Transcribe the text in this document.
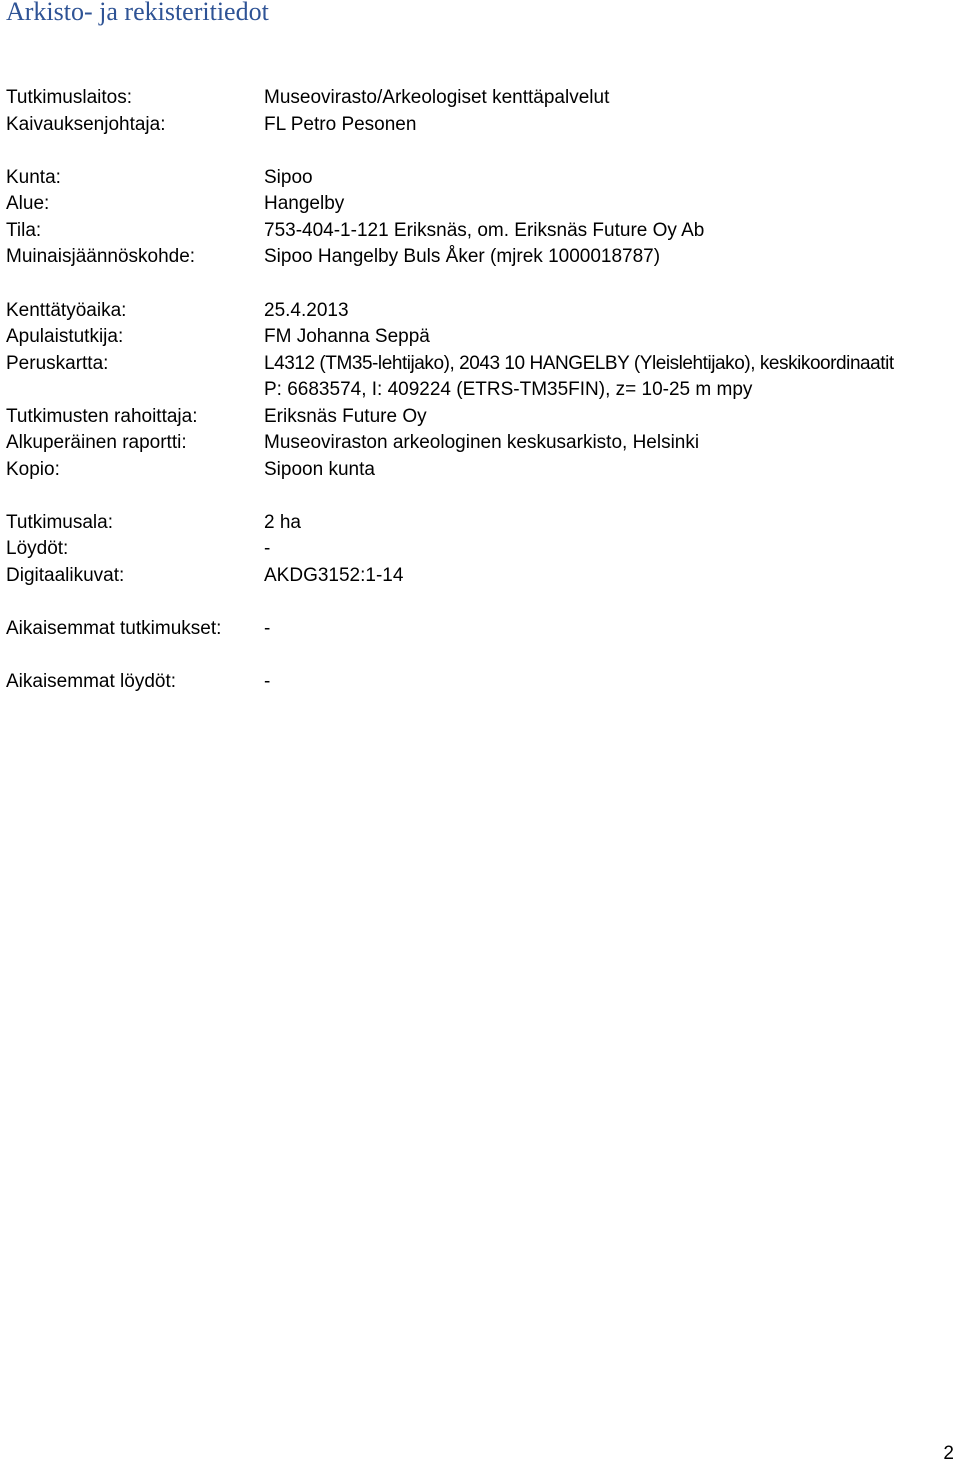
Arkisto- ja rekisteritiedot
Tutkimuslaitos:	Museovirasto/Arkeologiset kenttäpalvelut
Kaivauksenjohtaja:	FL Petro Pesonen
Kunta:	Sipoo
Alue:	Hangelby
Tila:	753-404-1-121 Eriksnäs, om. Eriksnäs Future Oy Ab
Muinaisjäännöskohde:	Sipoo Hangelby Buls Åker (mjrek 1000018787)
Kenttätyöaika:	25.4.2013
Apulaistutkija:	FM Johanna Seppä
Peruskartta:	L4312 (TM35-lehtijako), 2043 10 HANGELBY (Yleislehtijako), keskikoordinaatit
P: 6683574, I: 409224 (ETRS-TM35FIN), z= 10-25 m mpy
Tutkimusten rahoittaja:	Eriksnäs Future Oy
Alkuperäinen raportti:	Museoviraston arkeologinen keskusarkisto, Helsinki
Kopio:	Sipoon kunta
Tutkimusala:	2 ha
Löydöt:	-
Digitaalikuvat:	AKDG3152:1-14
Aikaisemmat tutkimukset: -
Aikaisemmat löydöt:	-
2
